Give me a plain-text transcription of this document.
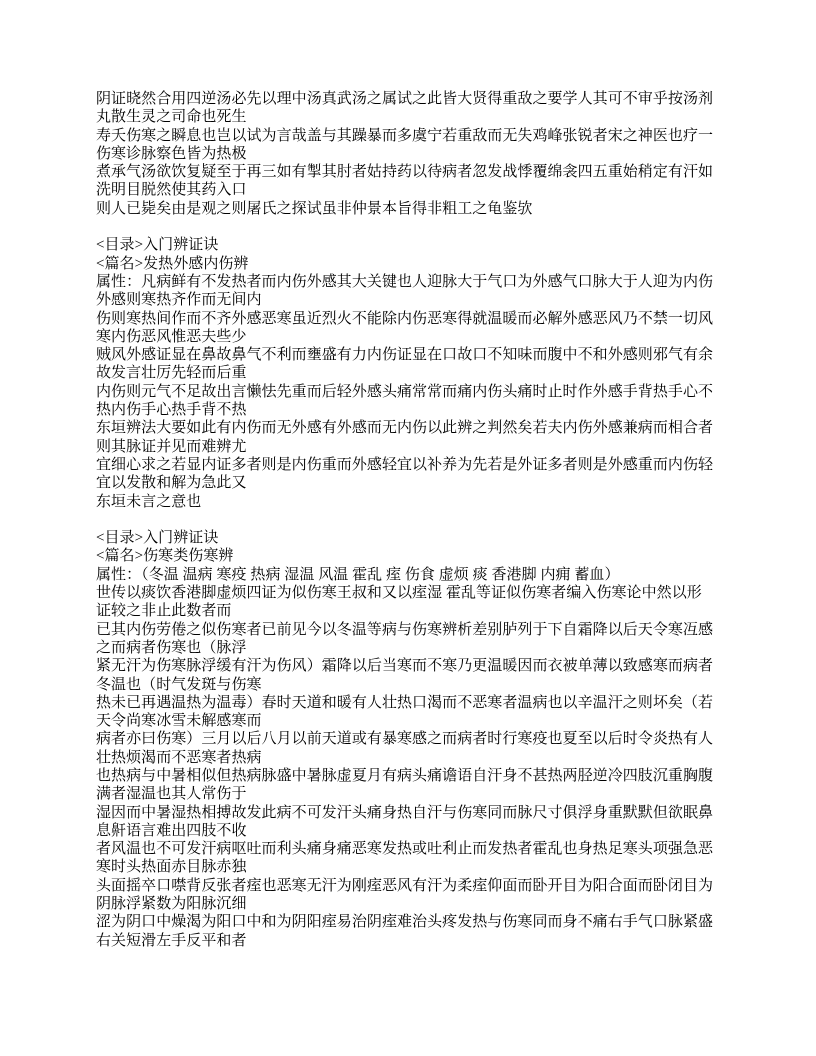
阴证晓然合用四逆汤必先以理中汤真武汤之属试之此皆大贤得重敌之要学人其可不审乎按汤剂
丸散生灵之司命也死生
寿夭伤寒之瞬息也岂以试为言哉盖与其躁暴而多虞宁若重敌而无失鸡峰张锐者宋之神医也疗一
伤寒诊脉察色皆为热极
煮承气汤欲饮复疑至于再三如有掣其肘者姑持药以待病者忽发战悸覆绵衾四五重始稍定有汗如
洗明目脱然使其药入口
则人已毙矣由是观之则屠氏之探试虽非仲景本旨得非粗工之龟鉴欤

<目录>入门辨证诀
<篇名>发热外感内伤辨
属性：凡病鲜有不发热者而内伤外感其大关键也人迎脉大于气口为外感气口脉大于人迎为内伤
外感则寒热齐作而无间内
伤则寒热间作而不齐外感恶寒虽近烈火不能除内伤恶寒得就温暖而必解外感恶风乃不禁一切风
寒内伤恶风惟恶夫些少
贼风外感证显在鼻故鼻气不利而壅盛有力内伤证显在口故口不知味而腹中不和外感则邪气有余
故发言壮厉先轻而后重
内伤则元气不足故出言懒怯先重而后轻外感头痛常常而痛内伤头痛时止时作外感手背热手心不
热内伤手心热手背不热
东垣辨法大要如此有内伤而无外感有外感而无内伤以此辨之判然矣若夫内伤外感兼病而相合者
则其脉证并见而难辨尤
宜细心求之若显内证多者则是内伤重而外感轻宜以补养为先若是外证多者则是外感重而内伤轻
宜以发散和解为急此又
东垣未言之意也

<目录>入门辨证诀
<篇名>伤寒类伤寒辨
属性：（冬温 温病 寒疫 热病 湿温 风温 霍乱 痓 伤食 虚烦 痰 香港脚 内痈 蓄血）
世传以痰饮香港脚虚烦四证为似伤寒王叔和又以痓湿 霍乱等证似伤寒者编入伤寒论中然以形
证较之非止此数者而
已其内伤劳倦之似伤寒者已前见今以冬温等病与伤寒辨析差别胪列于下自霜降以后天令寒冱感
之而病者伤寒也（脉浮
紧无汗为伤寒脉浮缓有汗为伤风）霜降以后当寒而不寒乃更温暖因而衣被单薄以致感寒而病者
冬温也（时气发斑与伤寒
热未已再遇温热为温毒）春时天道和暖有人壮热口渴而不恶寒者温病也以辛温汗之则坏矣（若
天令尚寒冰雪未解感寒而
病者亦曰伤寒）三月以后八月以前天道或有暴寒感之而病者时行寒疫也夏至以后时令炎热有人
壮热烦渴而不恶寒者热病
也热病与中暑相似但热病脉盛中暑脉虚夏月有病头痛谵语自汗身不甚热两胫逆冷四肢沉重胸腹
满者湿温也其人常伤于
湿因而中暑湿热相搏故发此病不可发汗头痛身热自汗与伤寒同而脉尺寸俱浮身重默默但欲眠鼻
息鼾语言难出四肢不收
者风温也不可发汗病呕吐而利头痛身痛恶寒发热或吐利止而发热者霍乱也身热足寒头项强急恶
寒时头热面赤目脉赤独
头面摇卒口噤背反张者痓也恶寒无汗为刚痓恶风有汗为柔痓仰面而卧开目为阳合面而卧闭目为
阴脉浮紧数为阳脉沉细
涩为阴口中燥渴为阳口中和为阴阳痓易治阴痓难治头疼发热与伤寒同而身不痛右手气口脉紧盛
右关短滑左手反平和者
